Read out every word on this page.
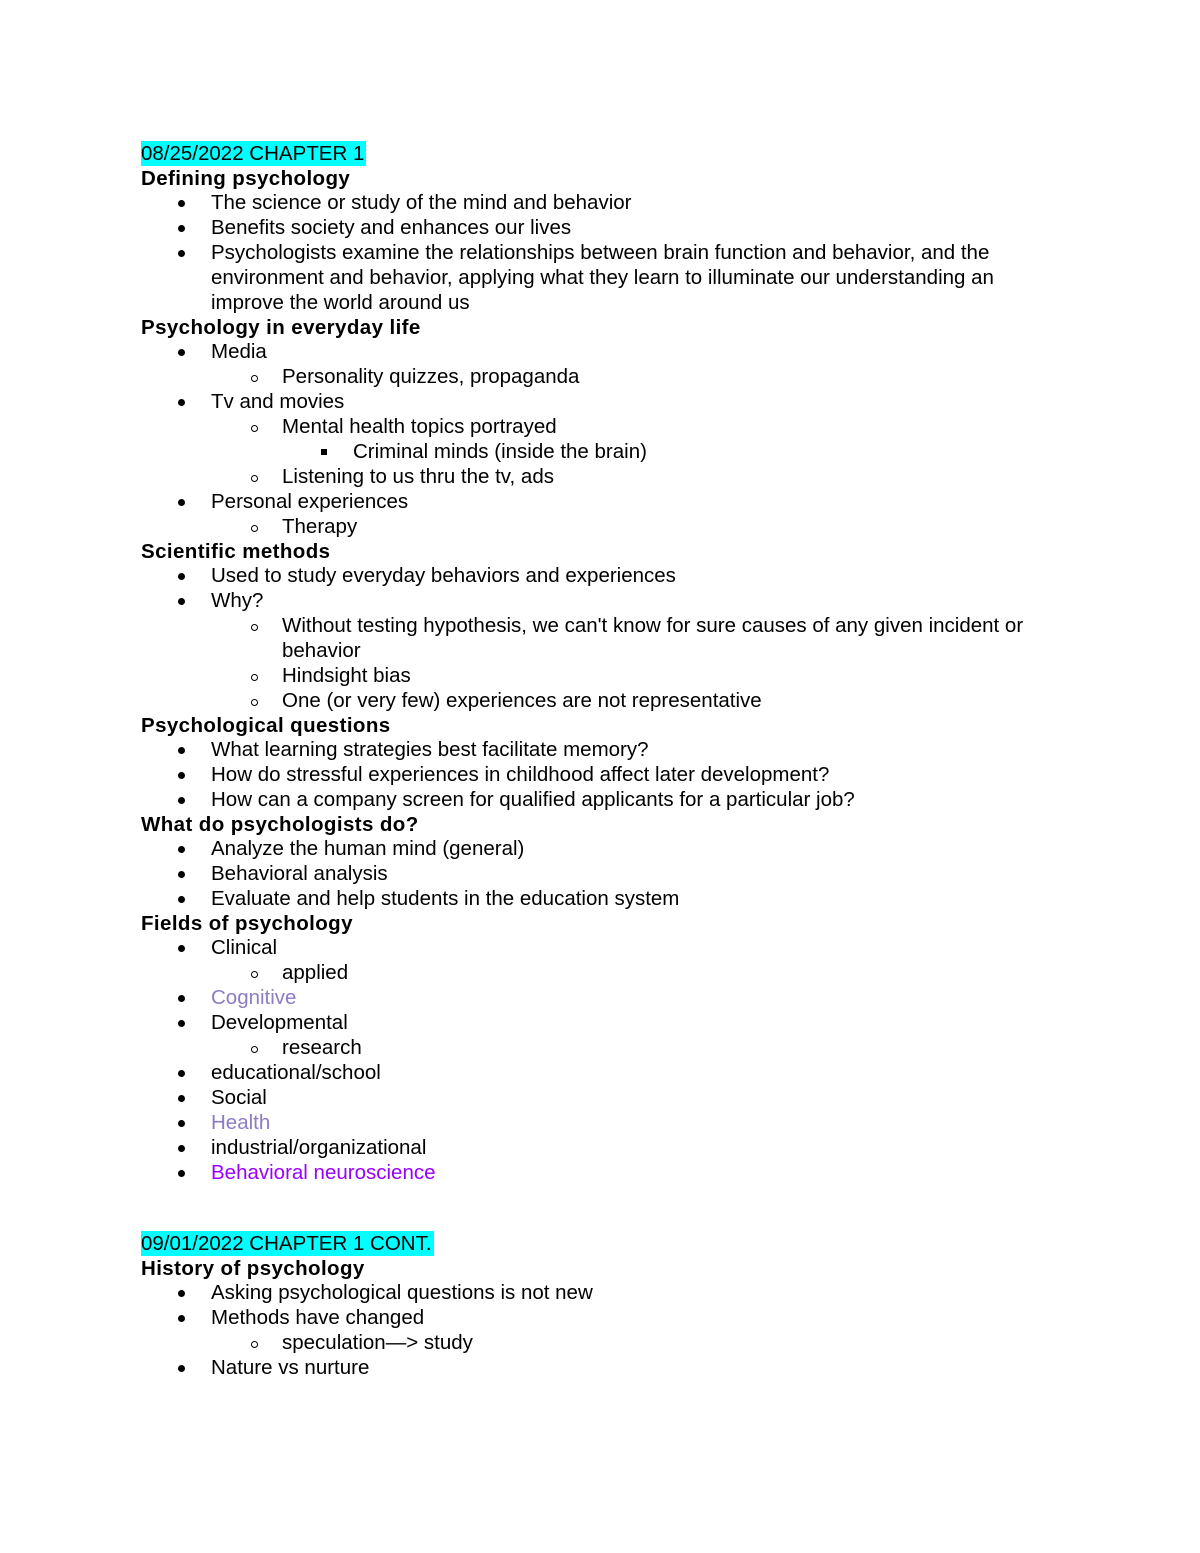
08/25/2022 CHAPTER 1
Defining psychology
The science or study of the mind and behavior
Benefits society and enhances our lives
Psychologists examine the relationships between brain function and behavior, and the environment and behavior, applying what they learn to illuminate our understanding an improve the world around us
Psychology in everyday life
Media
Personality quizzes, propaganda
Tv and movies
Mental health topics portrayed
Criminal minds (inside the brain)
Listening to us thru the tv, ads
Personal experiences
Therapy
Scientific methods
Used to study everyday behaviors and experiences
Why?
Without testing hypothesis, we can't know for sure causes of any given incident or behavior
Hindsight bias
One (or very few) experiences are not representative
Psychological questions
What learning strategies best facilitate memory?
How do stressful experiences in childhood affect later development?
How can a company screen for qualified applicants for a particular job?
What do psychologists do?
Analyze the human mind (general)
Behavioral analysis
Evaluate and help students in the education system
Fields of psychology
Clinical
applied
Cognitive
Developmental
research
educational/school
Social
Health
industrial/organizational
Behavioral neuroscience
09/01/2022 CHAPTER 1 CONT.
History of psychology
Asking psychological questions is not new
Methods have changed
speculation—> study
Nature vs nurture
